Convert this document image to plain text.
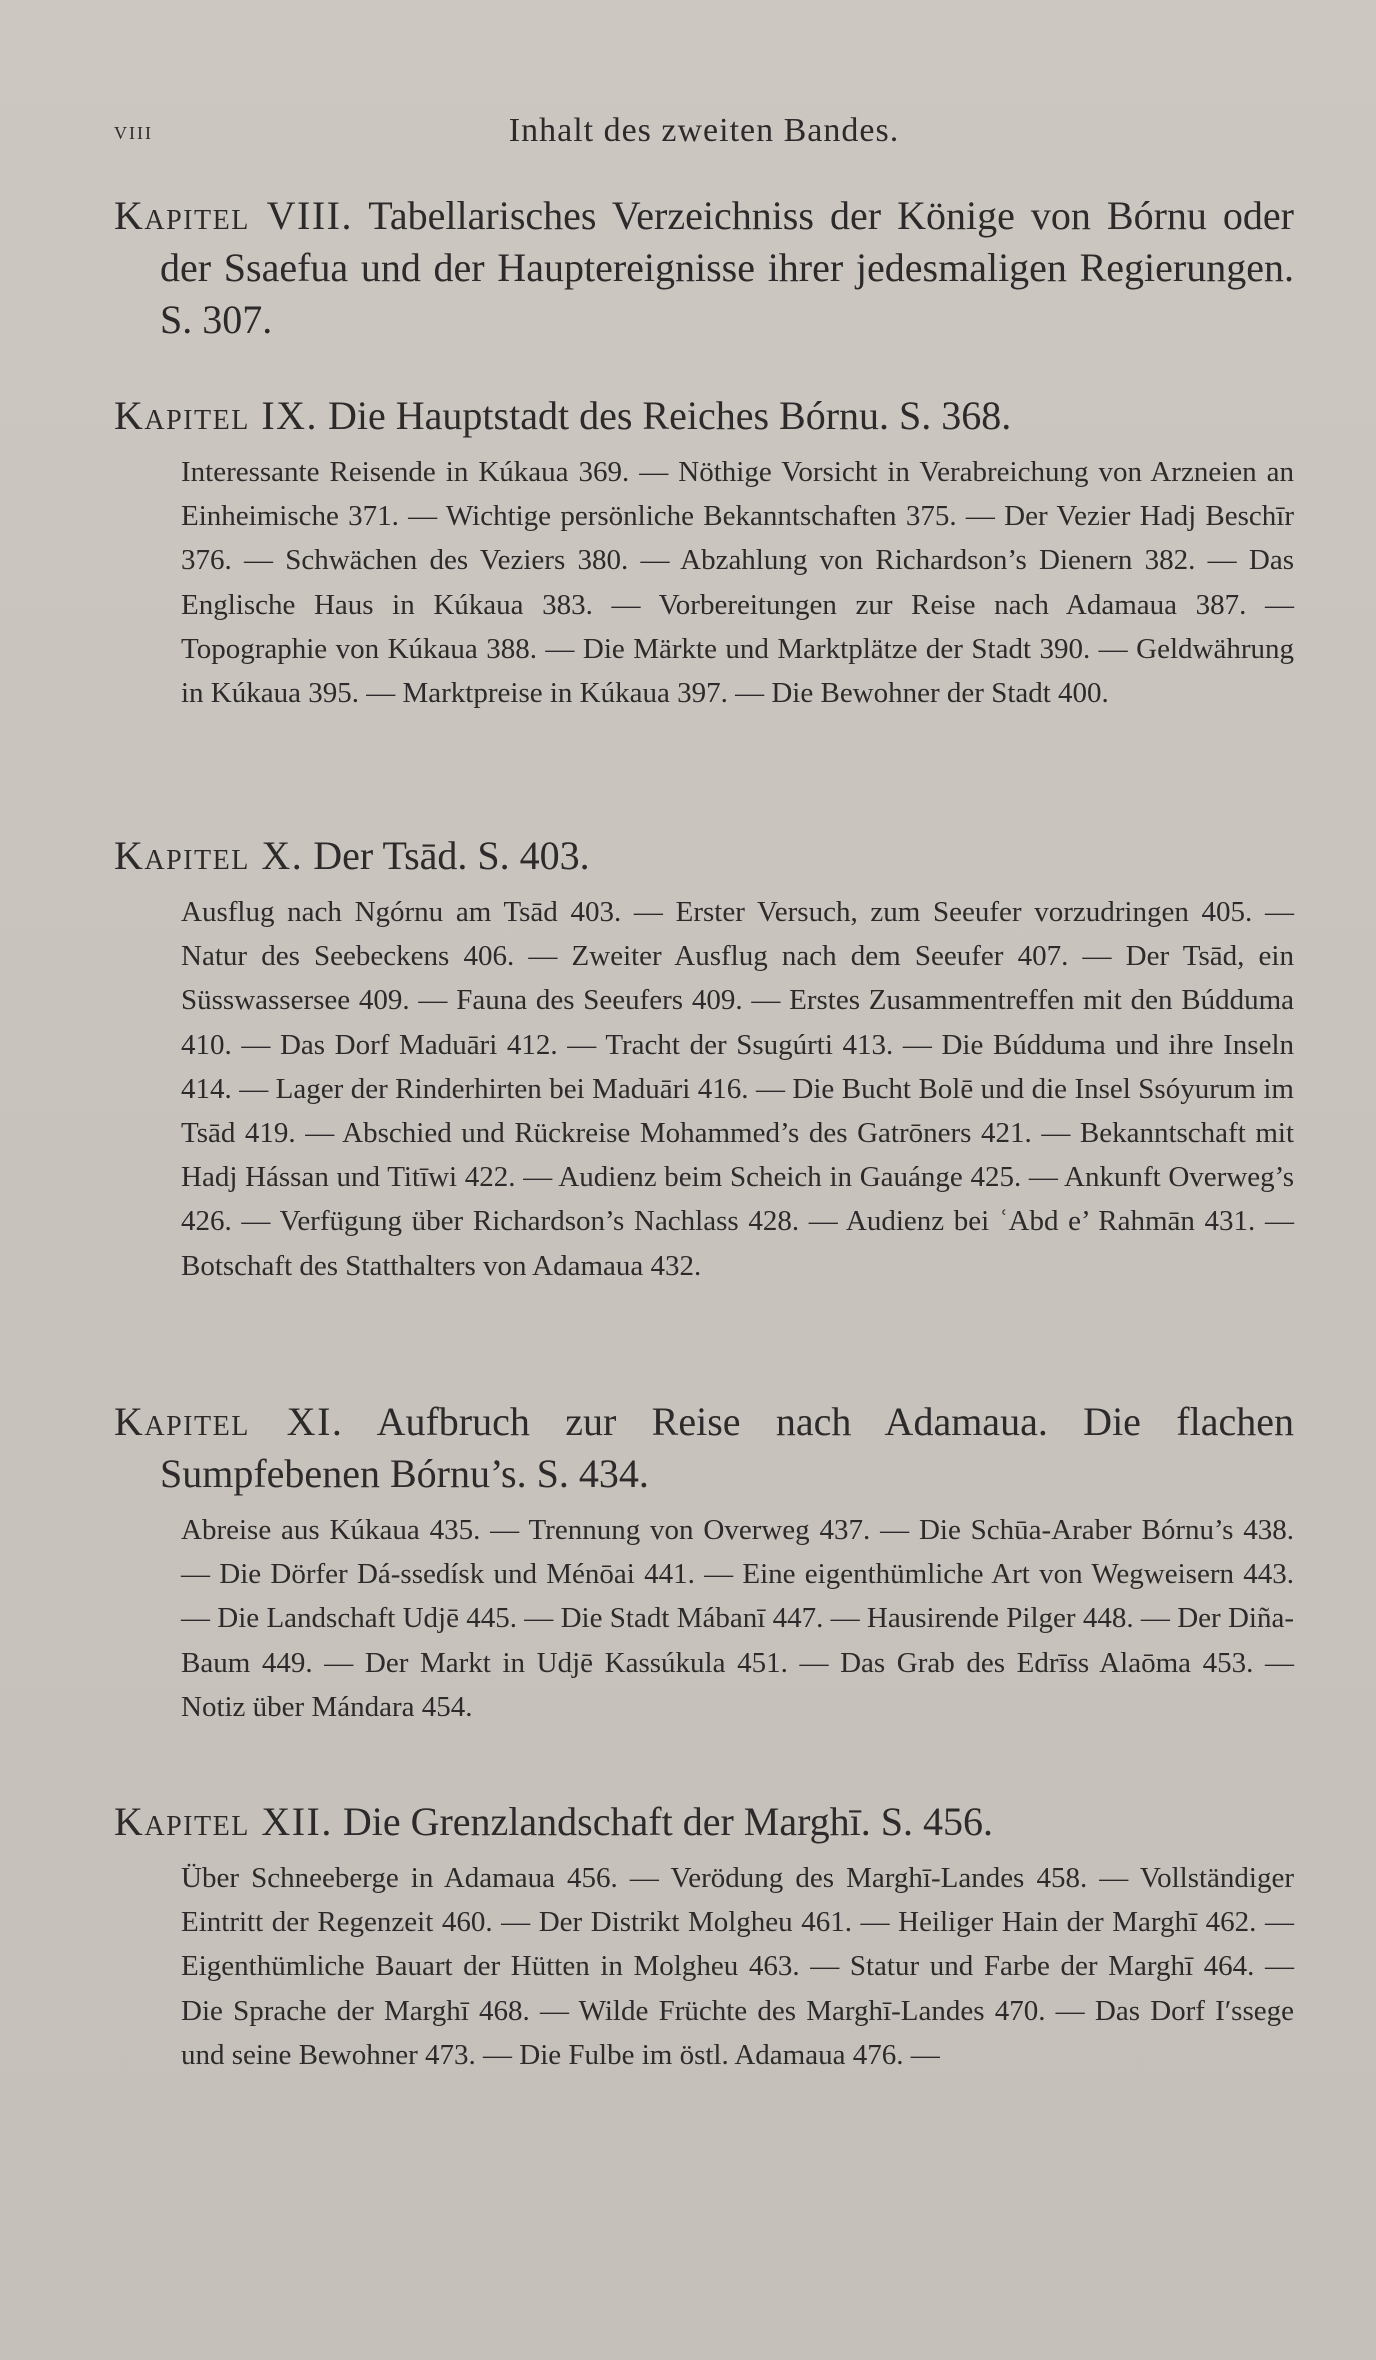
viii	Inhalt des zweiten Bandes.
Kapitel VIII. Tabellarisches Verzeichniss der Könige von Bórnu oder der Ssaefua und der Hauptereignisse ihrer jedesmaligen Regierungen. S. 307.
Kapitel IX. Die Hauptstadt des Reiches Bórnu. S. 368.
Interessante Reisende in Kúkaua 369. — Nöthige Vorsicht in Verabreichung von Arzneien an Einheimische 371. — Wichtige persönliche Bekanntschaften 375. — Der Vezier Hadj Beschīr 376. — Schwächen des Veziers 380. — Abzahlung von Richardson’s Dienern 382. — Das Englische Haus in Kúkaua 383. — Vorbereitungen zur Reise nach Adamaua 387. — Topographie von Kúkaua 388. — Die Märkte und Marktplätze der Stadt 390. — Geldwährung in Kúkaua 395. — Marktpreise in Kúkaua 397. — Die Bewohner der Stadt 400.
Kapitel X. Der Tsād. S. 403.
Ausflug nach Ngórnu am Tsād 403. — Erster Versuch, zum Seeufer vorzudringen 405. — Natur des Seebeckens 406. — Zweiter Ausflug nach dem Seeufer 407. — Der Tsād, ein Süsswassersee 409. — Fauna des Seeufers 409. — Erstes Zusammentreffen mit den Búdduma 410. — Das Dorf Maduāri 412. — Tracht der Ssugúrti 413. — Die Búdduma und ihre Inseln 414. — Lager der Rinderhirten bei Maduāri 416. — Die Bucht Bolē und die Insel Ssóyurum im Tsād 419. — Abschied und Rückreise Mohammed’s des Gatrōners 421. — Bekanntschaft mit Hadj Hássan und Titīwi 422. — Audienz beim Scheich in Gauánge 425. — Ankunft Overweg’s 426. — Verfügung über Richardson’s Nachlass 428. — Audienz bei ʿAbd e’ Rahmān 431. — Botschaft des Statthalters von Adamaua 432.
Kapitel XI. Aufbruch zur Reise nach Adamaua. Die flachen Sumpfebenen Bórnu’s. S. 434.
Abreise aus Kúkaua 435. — Trennung von Overweg 437. — Die Schūa-Araber Bórnu’s 438. — Die Dörfer Dá-ssedísk und Ménōai 441. — Eine eigenthümliche Art von Wegweisern 443. — Die Landschaft Udjē 445. — Die Stadt Mábanī 447. — Hausirende Pilger 448. — Der Diña-Baum 449. — Der Markt in Udjē Kassúkula 451. — Das Grab des Edrīss Alaōma 453. — Notiz über Mándara 454.
Kapitel XII. Die Grenzlandschaft der Marghī. S. 456.
Über Schneeberge in Adamaua 456. — Verödung des Marghī-Landes 458. — Vollständiger Eintritt der Regenzeit 460. — Der Distrikt Molgheu 461. — Heiliger Hain der Marghī 462. — Eigenthümliche Bauart der Hütten in Molgheu 463. — Statur und Farbe der Marghī 464. — Die Sprache der Marghī 468. — Wilde Früchte des Marghī-Landes 470. — Das Dorf Iʹssege und seine Bewohner 473. — Die Fulbe im östl. Adamaua 476. —
